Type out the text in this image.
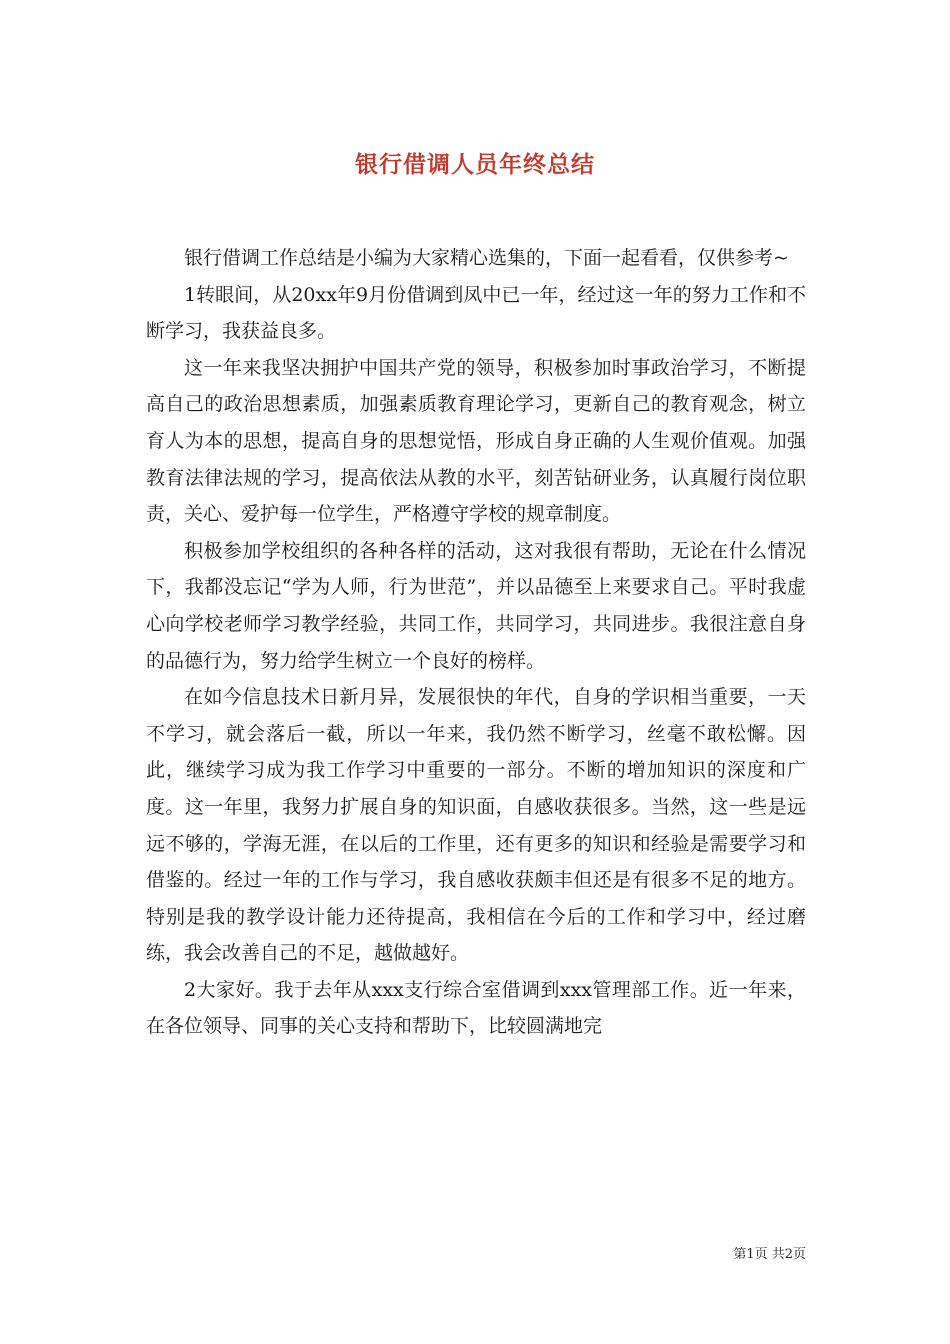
银行借调人员年终总结

银行借调工作总结是小编为大家精心选集的，下面一起看看，仅供参考~

1转眼间，从20xx年9月份借调到凤中已一年，经过这一年的努力工作和不断学习，我获益良多。

这一年来我坚决拥护中国共产党的领导，积极参加时事政治学习，不断提高自己的政治思想素质，加强素质教育理论学习，更新自己的教育观念，树立育人为本的思想，提高自身的思想觉悟，形成自身正确的人生观价值观。加强教育法律法规的学习，提高依法从教的水平，刻苦钻研业务，认真履行岗位职责，关心、爱护每一位学生，严格遵守学校的规章制度。

积极参加学校组织的各种各样的活动，这对我很有帮助，无论在什么情况下，我都没忘记“学为人师，行为世范”，并以品德至上来要求自己。平时我虚心向学校老师学习教学经验，共同工作，共同学习，共同进步。我很注意自身的品德行为，努力给学生树立一个良好的榜样。

在如今信息技术日新月异，发展很快的年代，自身的学识相当重要，一天不学习，就会落后一截，所以一年来，我仍然不断学习，丝毫不敢松懈。因此，继续学习成为我工作学习中重要的一部分。不断的增加知识的深度和广度。这一年里，我努力扩展自身的知识面，自感收获很多。当然，这一些是远远不够的，学海无涯，在以后的工作里，还有更多的知识和经验是需要学习和借鉴的。经过一年的工作与学习，我自感收获颇丰但还是有很多不足的地方。特别是我的教学设计能力还待提高，我相信在今后的工作和学习中，经过磨练，我会改善自己的不足，越做越好。

2大家好。我于去年从xxx支行综合室借调到xxx管理部工作。近一年来，在各位领导、同事的关心支持和帮助下，比较圆满地完

第1页 共2页
